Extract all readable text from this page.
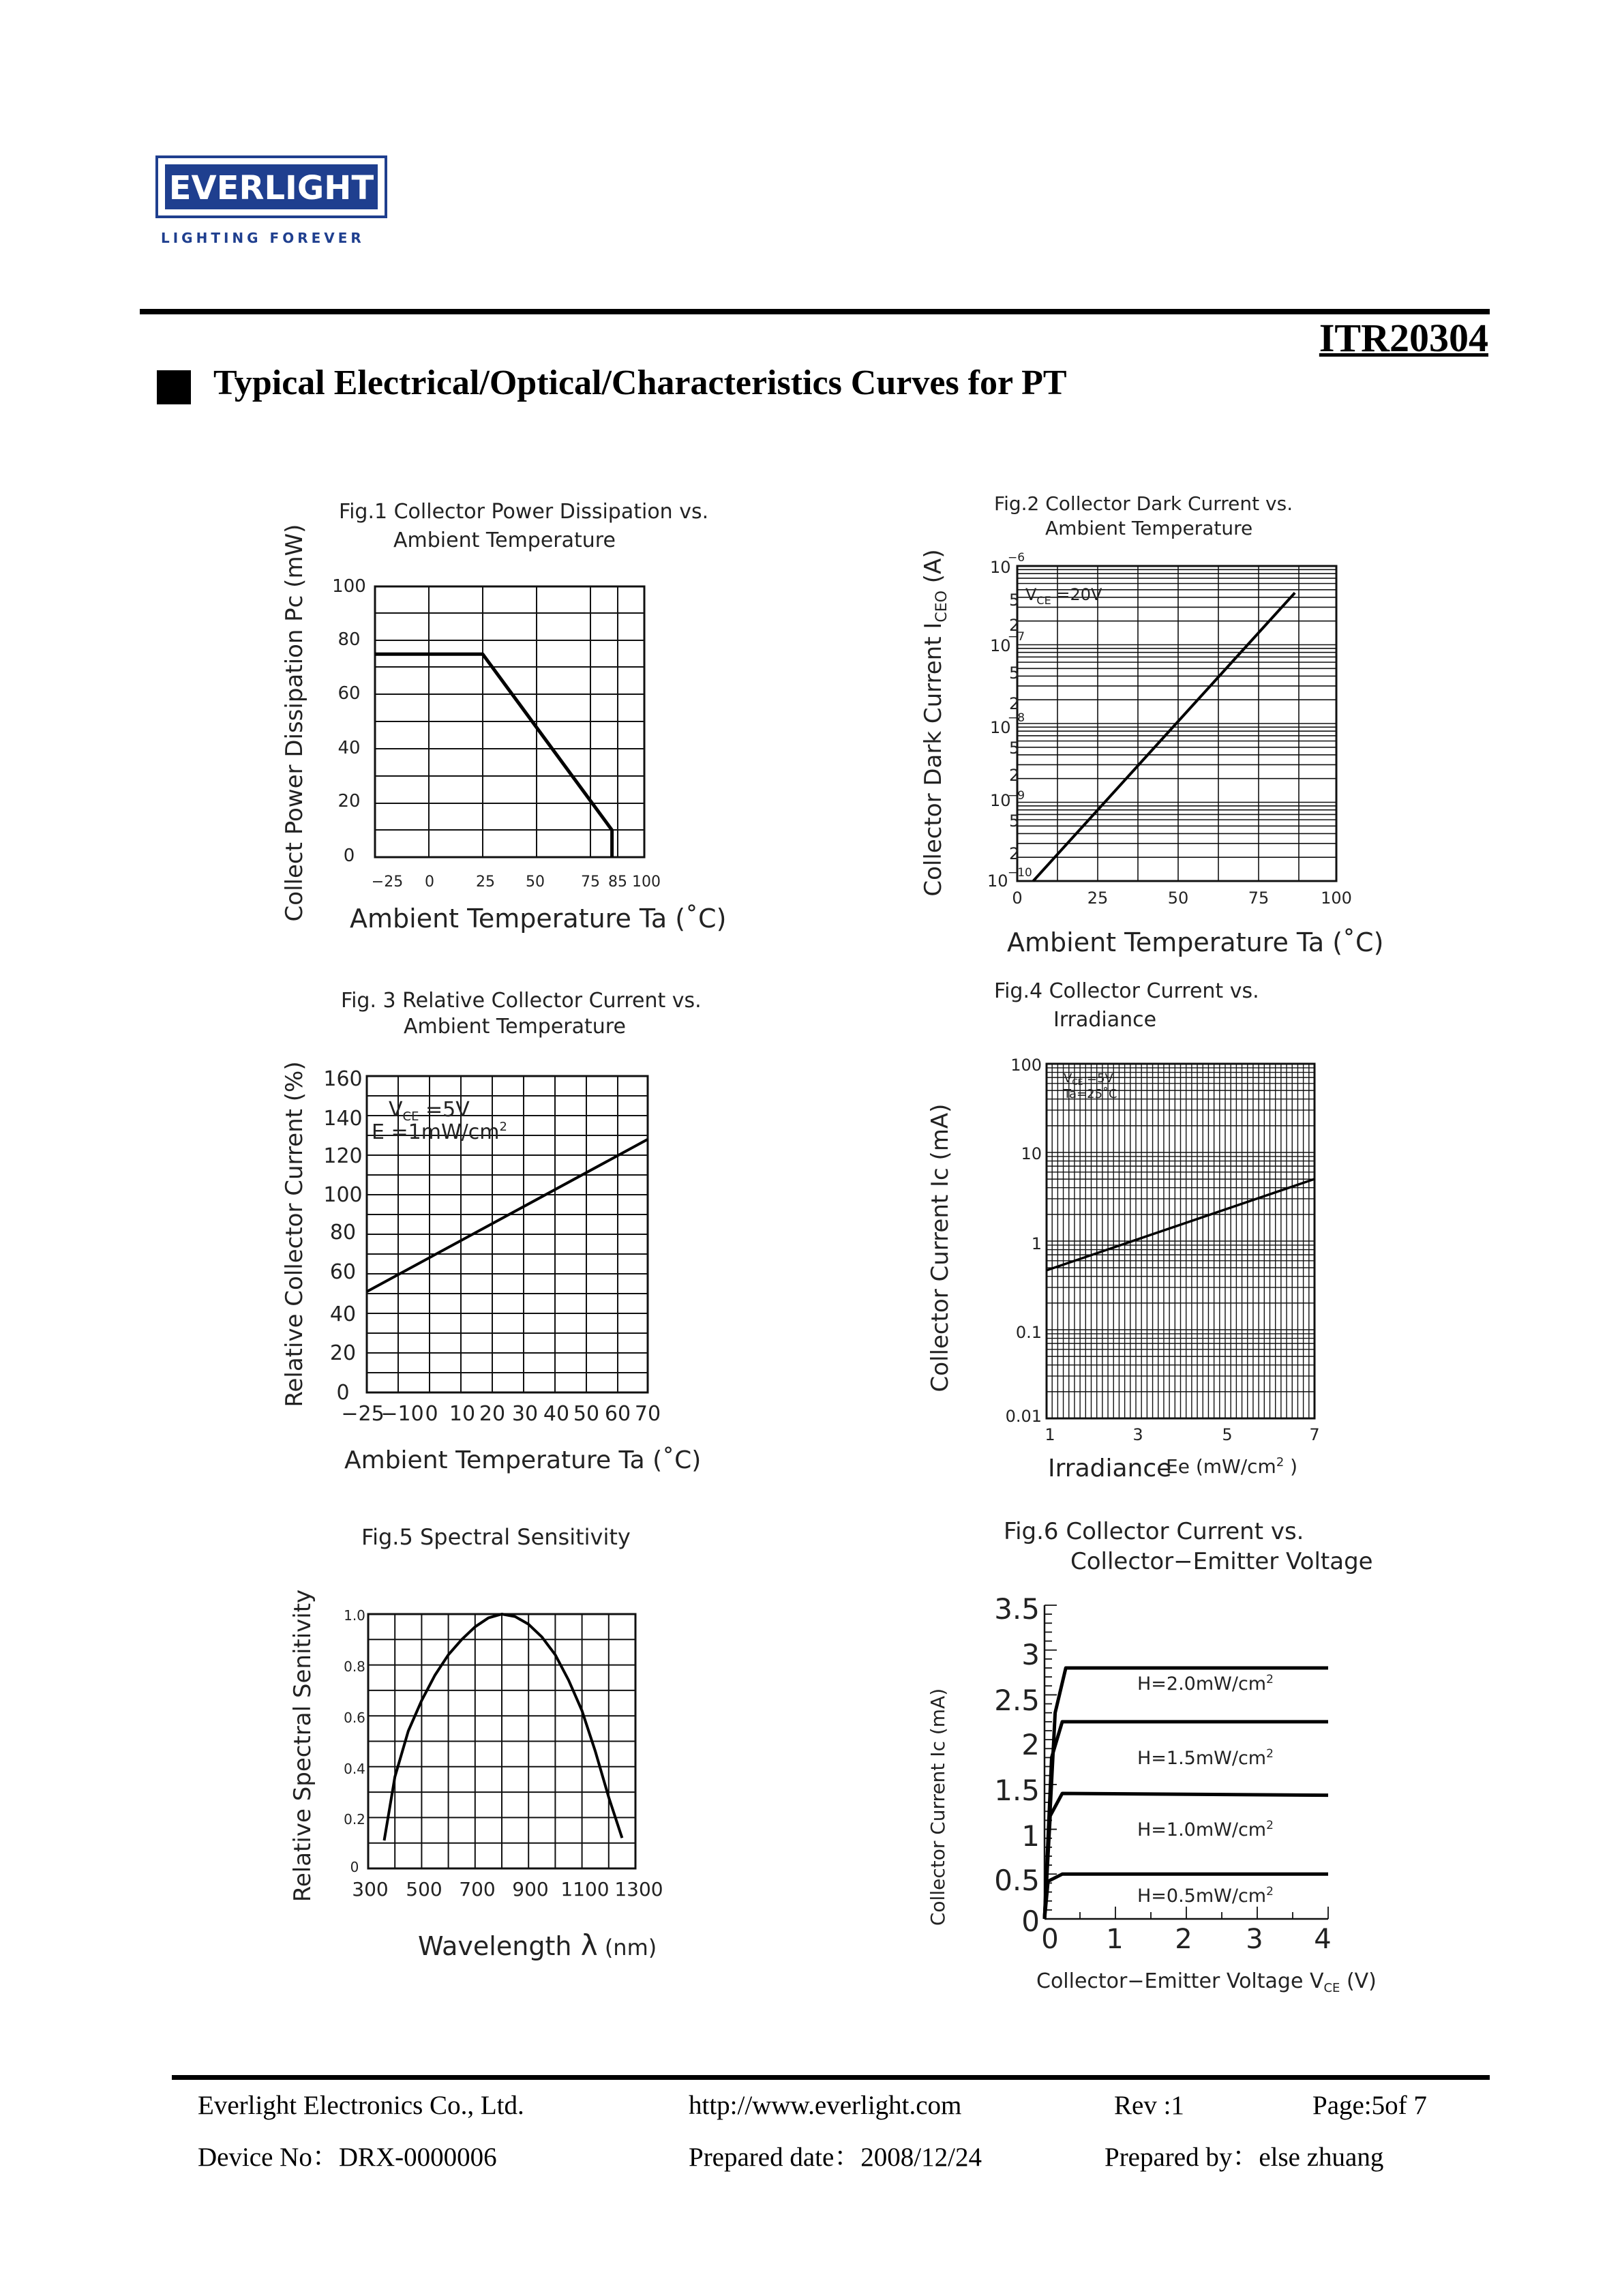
EVERLIGHT
LIGHTING FOREVER
ITR20304
Typical Electrical/Optical/Characteristics Curves for PT
Fig.1 Collector Power Dissipation vs.
Ambient Temperature
Collect Power Dissipation Pc (mW) Ambient Temperature Ta (˚C)
100
80
60
40
20
0
−25 0	25 50 75 85 100
Fig.2 Collector Dark Current vs.
Ambient Temperature
Collector Dark Current ICEO (A)
Ambient Temperature Ta (˚C)
10
5
2
10
5
2
10
5
2
10
5
2
10
−6
−7
−8
−9
−10
0	25	50	75	100
VCE =20V
Fig. 3 Relative Collector Current vs.
Ambient Temperature
Relative Collector Current (%)
Ambient Temperature Ta (˚C)
160
140
120
100
80
60
40
20
0
−25
−10 0 10 20 30 40 50 60 70
VCE =5V
E =1mW/cm2
Fig.4 Collector Current vs.
Irradiance
Collector Current Ic (mA)
Irradiance
Ee (mW/cm2 )
100
10
1
0.1
0.01
1	3	5	7
VCE =5V
Ta=25˚C
Fig.5 Spectral Sensitivity
Relative Spectral Senitivity
Wavelength λ (nm)
1.0
0.8
0.6
0.4
0.2
0
300 500 700 900 1100 1300
Fig.6 Collector Current vs.
Collector−Emitter Voltage
Collector Current Ic (mA)
Collector−Emitter Voltage VCE (V)
3.5
3
2.5
2
1.5
1
0.5
0
0 1 2 3 4
H=2.0mW/cm2
H=1.5mW/cm2
H=1.0mW/cm2
H=0.5mW/cm2
Everlight Electronics Co., Ltd.	http://www.everlight.com	Rev :1	Page:5of 7
Device No：DRX-0000006	Prepared date：2008/12/24	Prepared by：else zhuang
